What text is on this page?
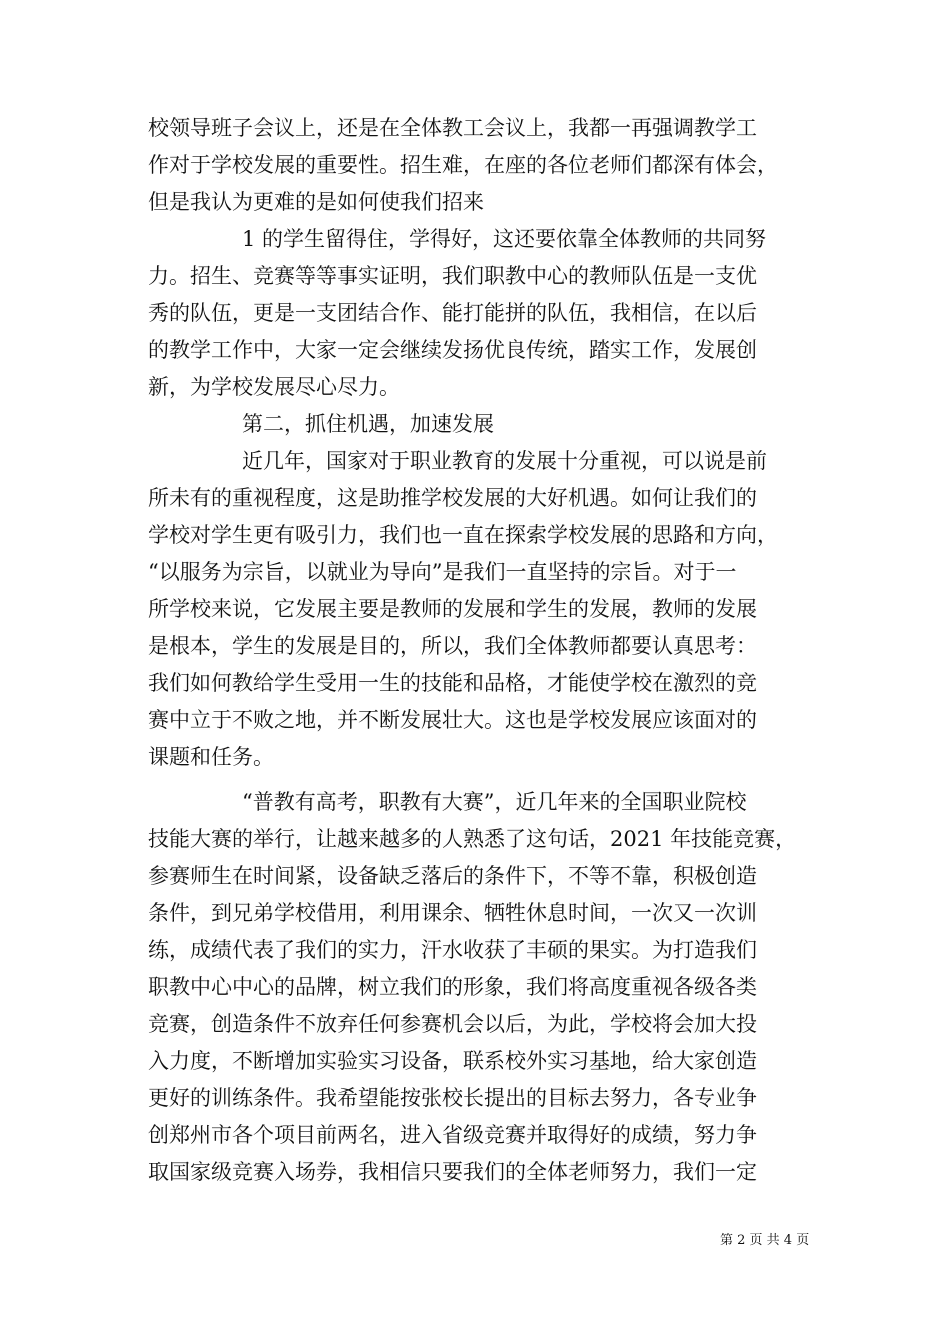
校领导班子会议上，还是在全体教工会议上，我都一再强调教学工
作对于学校发展的重要性。招生难，在座的各位老师们都深有体会，
但是我认为更难的是如何使我们招来
1 的学生留得住，学得好，这还要依靠全体教师的共同努
力。招生、竞赛等等事实证明，我们职教中心的教师队伍是一支优
秀的队伍，更是一支团结合作、能打能拼的队伍，我相信，在以后
的教学工作中，大家一定会继续发扬优良传统，踏实工作，发展创
新，为学校发展尽心尽力。
第二，抓住机遇，加速发展
近几年，国家对于职业教育的发展十分重视，可以说是前
所未有的重视程度，这是助推学校发展的大好机遇。如何让我们的
学校对学生更有吸引力，我们也一直在探索学校发展的思路和方向，
“以服务为宗旨，以就业为导向”是我们一直坚持的宗旨。对于一
所学校来说，它发展主要是教师的发展和学生的发展，教师的发展
是根本，学生的发展是目的，所以，我们全体教师都要认真思考：
我们如何教给学生受用一生的技能和品格，才能使学校在激烈的竞
赛中立于不败之地，并不断发展壮大。这也是学校发展应该面对的
课题和任务。
“普教有高考，职教有大赛”，近几年来的全国职业院校
技能大赛的举行，让越来越多的人熟悉了这句话，2021 年技能竞赛，
参赛师生在时间紧，设备缺乏落后的条件下，不等不靠，积极创造
条件，到兄弟学校借用，利用课余、牺牲休息时间，一次又一次训
练，成绩代表了我们的实力，汗水收获了丰硕的果实。为打造我们
职教中心中心的品牌，树立我们的形象，我们将高度重视各级各类
竞赛，创造条件不放弃任何参赛机会以后，为此，学校将会加大投
入力度，不断增加实验实习设备，联系校外实习基地，给大家创造
更好的训练条件。我希望能按张校长提出的目标去努力，各专业争
创郑州市各个项目前两名，进入省级竞赛并取得好的成绩，努力争
取国家级竞赛入场券，我相信只要我们的全体老师努力，我们一定
第 2 页 共 4 页
